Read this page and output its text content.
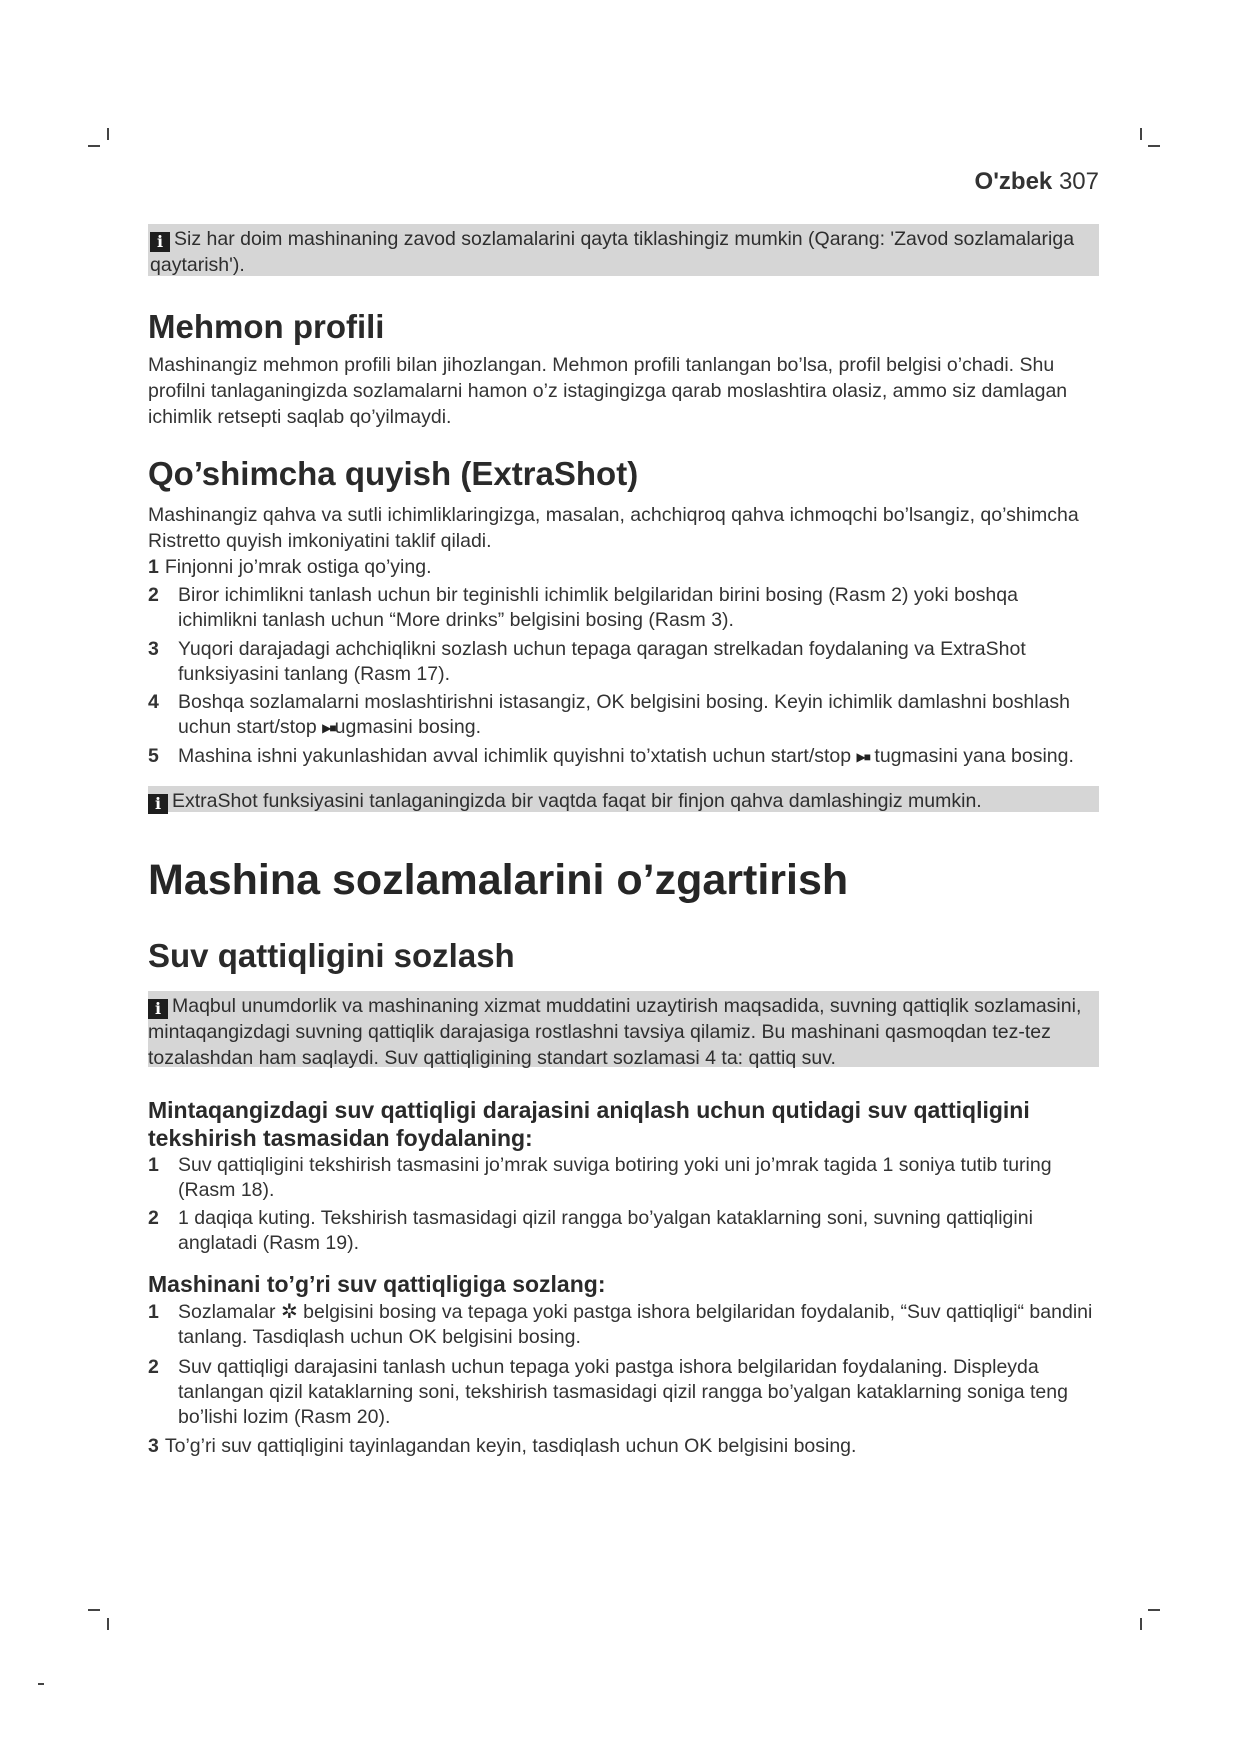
O'zbek 307
i Siz har doim mashinaning zavod sozlamalarini qayta tiklashingiz mumkin (Qarang: 'Zavod sozlamalariga qaytarish').
Mehmon profili
Mashinangiz mehmon profili bilan jihozlangan. Mehmon profili tanlangan bo’lsa, profil belgisi o’chadi. Shu profilni tanlaganingizda sozlamalarni hamon o’z istagingizga qarab moslashtira olasiz, ammo siz damlagan ichimlik retsepti saqlab qo’yilmaydi.
Qo’shimcha quyish (ExtraShot)
Mashinangiz qahva va sutli ichimliklaringizga, masalan, achchiqroq qahva ichmoqchi bo’lsangiz, qo’shimcha Ristretto quyish imkoniyatini taklif qiladi.
1 Finjonni jo’mrak ostiga qo’ying.
2 Biror ichimlikni tanlash uchun bir teginishli ichimlik belgilaridan birini bosing (Rasm 2) yoki boshqa ichimlikni tanlash uchun “More drinks” belgisini bosing (Rasm 3).
3 Yuqori darajadagi achchiqlikni sozlash uchun tepaga qaragan strelkadan foydalaning va ExtraShot funksiyasini tanlang (Rasm 17).
4 Boshqa sozlamalarni moslashtirishni istasangiz, OK belgisini bosing. Keyin ichimlik damlashni boshlash uchun start/stop ▶■ugmasini bosing.
5 Mashina ishni yakunlashidan avval ichimlik quyishni to’xtatish uchun start/stop ▶■ tugmasini yana bosing.
i ExtraShot funksiyasini tanlaganingizda bir vaqtda faqat bir finjon qahva damlashingiz mumkin.
Mashina sozlamalarini o’zgartirish
Suv qattiqligini sozlash
i Maqbul unumdorlik va mashinaning xizmat muddatini uzaytirish maqsadida, suvning qattiqlik sozlamasini, mintaqangizdagi suvning qattiqlik darajasiga rostlashni tavsiya qilamiz. Bu mashinani qasmoqdan tez-tez tozalashdan ham saqlaydi. Suv qattiqligining standart sozlamasi 4 ta: qattiq suv.
Mintaqangizdagi suv qattiqligi darajasini aniqlash uchun qutidagi suv qattiqligini tekshirish tasmasidan foydalaning:
1 Suv qattiqligini tekshirish tasmasini jo’mrak suviga botiring yoki uni jo’mrak tagida 1 soniya tutib turing (Rasm 18).
2 1 daqiqa kuting. Tekshirish tasmasidagi qizil rangga bo’yalgan kataklarning soni, suvning qattiqligini anglatadi (Rasm 19).
Mashinani to’g’ri suv qattiqligiga sozlang:
1 Sozlamalar ✲ belgisini bosing va tepaga yoki pastga ishora belgilaridan foydalanib, “Suv qattiqligi“ bandini tanlang. Tasdiqlash uchun OK belgisini bosing.
2 Suv qattiqligi darajasini tanlash uchun tepaga yoki pastga ishora belgilaridan foydalaning. Displeyda tanlangan qizil kataklarning soni, tekshirish tasmasidagi qizil rangga bo’yalgan kataklarning soniga teng bo’lishi lozim (Rasm 20).
3 To’g’ri suv qattiqligini tayinlagandan keyin, tasdiqlash uchun OK belgisini bosing.
